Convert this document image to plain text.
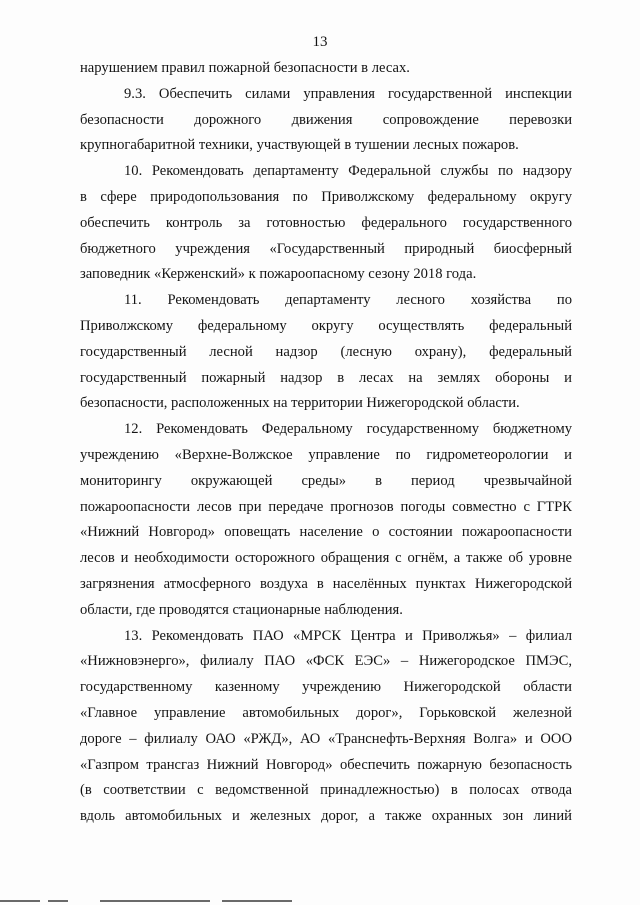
13
нарушением правил пожарной безопасности в лесах.
9.3. Обеспечить силами управления государственной инспекции
безопасности дорожного движения сопровождение перевозки
крупногабаритной техники, участвующей в тушении лесных пожаров.
10. Рекомендовать департаменту Федеральной службы по надзору
в сфере природопользования по Приволжскому федеральному округу
обеспечить контроль за готовностью федерального государственного
бюджетного учреждения «Государственный природный биосферный
заповедник «Керженский» к пожароопасному сезону 2018 года.
11. Рекомендовать департаменту лесного хозяйства по
Приволжскому федеральному округу осуществлять федеральный
государственный лесной надзор (лесную охрану), федеральный
государственный пожарный надзор в лесах на землях обороны и
безопасности, расположенных на территории Нижегородской области.
12. Рекомендовать Федеральному государственному бюджетному
учреждению «Верхне-Волжское управление по гидрометеорологии и
мониторингу окружающей среды» в период чрезвычайной
пожароопасности лесов при передаче прогнозов погоды совместно с ГТРК
«Нижний Новгород» оповещать население о состоянии пожароопасности
лесов и необходимости осторожного обращения с огнём, а также об уровне
загрязнения атмосферного воздуха в населённых пунктах Нижегородской
области, где проводятся стационарные наблюдения.
13. Рекомендовать ПАО «МРСК Центра и Приволжья» – филиал
«Нижновэнерго», филиалу ПАО «ФСК ЕЭС» – Нижегородское ПМЭС,
государственному казенному учреждению Нижегородской области
«Главное управление автомобильных дорог», Горьковской железной
дороге – филиалу ОАО «РЖД», АО «Транснефть-Верхняя Волга» и ООО
«Газпром трансгаз Нижний Новгород» обеспечить пожарную безопасность
(в соответствии с ведомственной принадлежностью) в полосах отвода
вдоль автомобильных и железных дорог, а также охранных зон линий
